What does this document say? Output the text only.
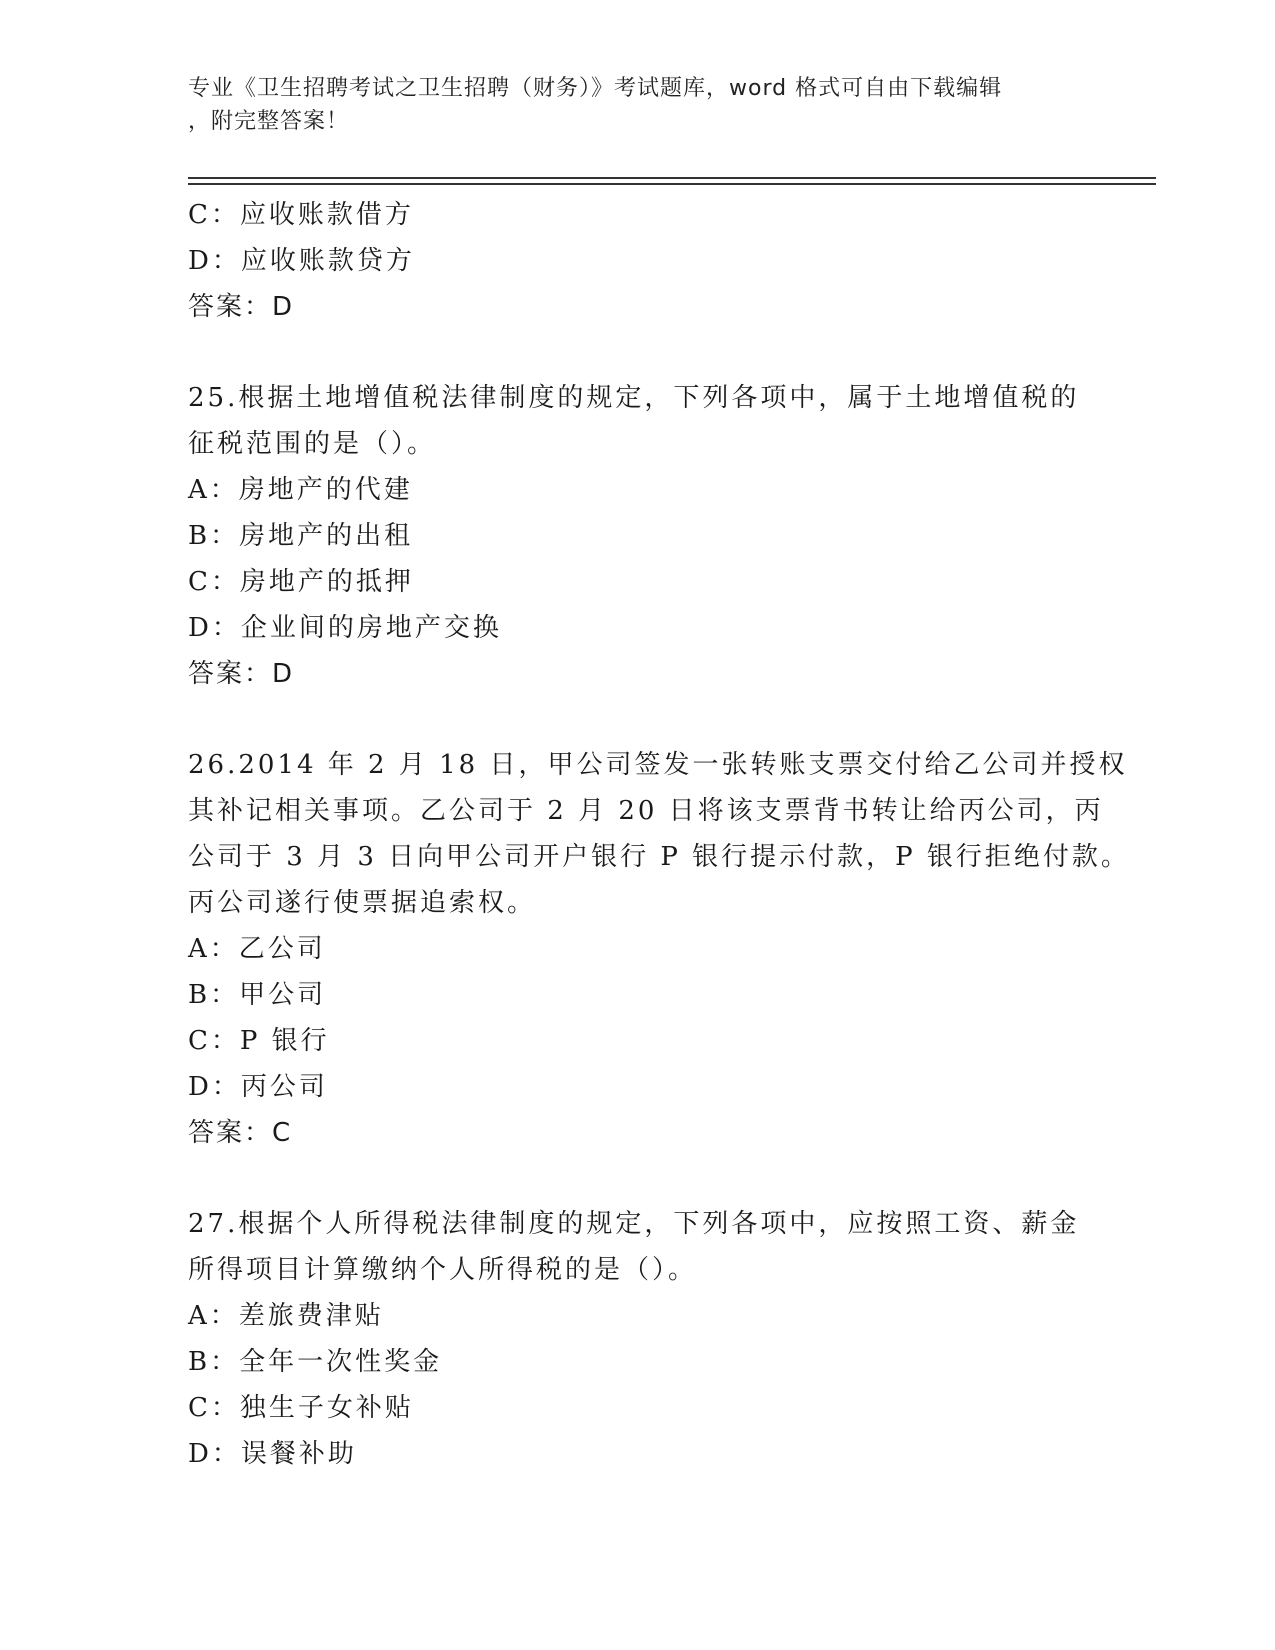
专业《卫生招聘考试之卫生招聘（财务）》考试题库，word 格式可自由下载编辑
，附完整答案！
C：应收账款借方
D：应收账款贷方
答案：D
25.根据土地增值税法律制度的规定，下列各项中，属于土地增值税的
征税范围的是（）。
A：房地产的代建
B：房地产的出租
C：房地产的抵押
D：企业间的房地产交换
答案：D
26.2014 年 2 月 18 日，甲公司签发一张转账支票交付给乙公司并授权
其补记相关事项。乙公司于 2 月 20 日将该支票背书转让给丙公司，丙
公司于 3 月 3 日向甲公司开户银行 P 银行提示付款，P 银行拒绝付款。
丙公司遂行使票据追索权。
A：乙公司
B：甲公司
C：P 银行
D：丙公司
答案：C
27.根据个人所得税法律制度的规定，下列各项中，应按照工资、薪金
所得项目计算缴纳个人所得税的是（）。
A：差旅费津贴
B：全年一次性奖金
C：独生子女补贴
D：误餐补助
